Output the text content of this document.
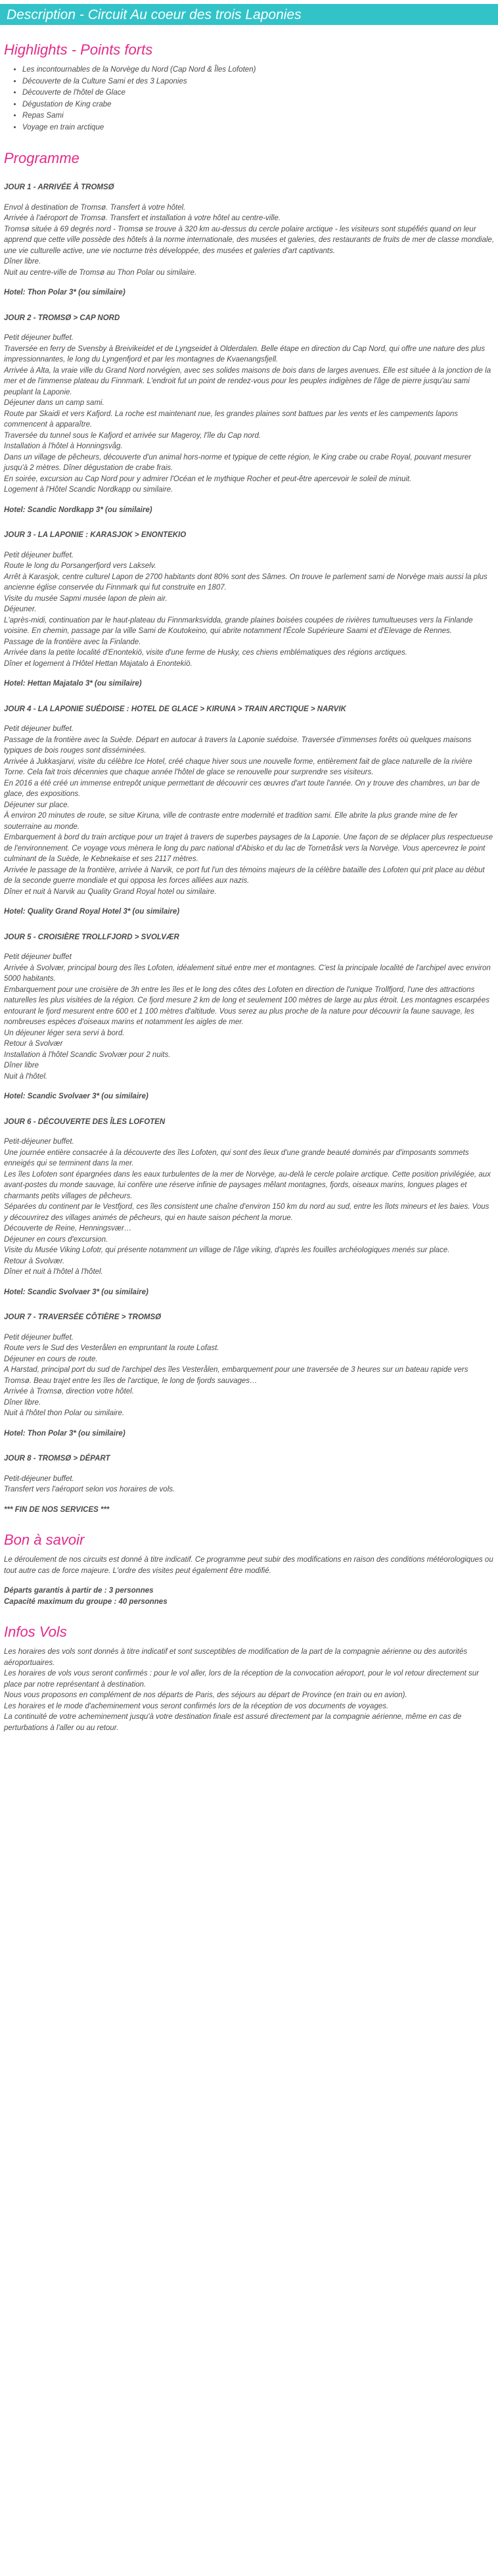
Description - Circuit Au coeur des trois Laponies
Highlights - Points forts
• Les incontournables de la Norvège du Nord (Cap Nord & Îles Lofoten)
• Découverte de la Culture Sami et des 3 Laponies
• Découverte de l'hôtel de Glace
• Dégustation de King crabe
• Repas Sami
• Voyage en train arctique
Programme
JOUR 1 - ARRIVÉE À TROMSØ

Envol à destination de Tromsø. Transfert à votre hôtel.

Arrivée à l'aéroport de Tromsø. Transfert et installation à votre hôtel au centre-ville.

Tromsø située à 69 degrés nord - Tromsø se trouve à 320 km au-dessus du cercle polaire arctique - les visiteurs sont stupéfiés quand on leur apprend que cette ville possède des hôtels à la norme internationale, des musées et galeries, des restaurants de fruits de mer de classe mondiale, une vie culturelle active, une vie nocturne très développée, des musées et galeries d'art captivants.

Dîner libre.

Nuit au centre-ville de Tromsø au Thon Polar ou similaire.

Hotel: Thon Polar 3* (ou similaire)
JOUR 2 - TROMSØ > CAP NORD

Petit déjeuner buffet.

Traversée en ferry de Svensby à Breivikeidet et de Lyngseidet à Olderdalen. Belle étape en direction du Cap Nord, qui offre une nature des plus impressionnantes, le long du Lyngenfjord et par les montagnes de Kvaenangsfjell.

Arrivée à Alta, la vraie ville du Grand Nord norvégien, avec ses solides maisons de bois dans de larges avenues. Elle est située à la jonction de la mer et de l'immense plateau du Finnmark. L'endroit fut un point de rendez-vous pour les peuples indigènes de l'âge de pierre jusqu'au sami peuplant la Laponie.

Déjeuner dans un camp sami.

Route par Skaidi et vers Kafjord. La roche est maintenant nue, les grandes plaines sont battues par les vents et les campements lapons commencent à apparaître.

Traversée du tunnel sous le Kafjord et arrivée sur Mageroy, l'île du Cap nord.

Installation à l'hôtel à Honningsvåg.

Dans un village de pêcheurs, découverte d'un animal hors-norme et typique de cette région, le King crabe ou crabe Royal, pouvant mesurer jusqu'à 2 mètres. Dîner dégustation de crabe frais.

En soirée, excursion au Cap Nord pour y admirer l'Océan et le mythique Rocher et peut-être apercevoir le soleil de minuit.

Logement à l'Hôtel Scandic Nordkapp ou similaire.

Hotel: Scandic Nordkapp 3* (ou similaire)
JOUR 3 - LA LAPONIE : KARASJOK > ENONTEKIO

Petit déjeuner buffet.

Route le long du Porsangerfjord vers Lakselv.

Arrêt à Karasjok, centre culturel Lapon de 2700 habitants dont 80% sont des Sâmes. On trouve le parlement sami de Norvège mais aussi la plus ancienne église conservée du Finnmark qui fut construite en 1807.

Visite du musée Sapmi musée lapon de plein air.

Déjeuner.

L'après-midi, continuation par le haut-plateau du Finnmarksvidda, grande plaines boisées coupées de rivières tumultueuses vers la Finlande voisine. En chemin, passage par la ville Sami de Koutokeino, qui abrite notamment l'École Supérieure Saami et d'Elevage de Rennes.

Passage de la frontière avec la Finlande.

Arrivée dans la petite localité d'Enontekiö, visite d'une ferme de Husky, ces chiens emblématiques des régions arctiques.

Dîner et logement à l'Hôtel Hettan Majatalo à Enontekiö.

Hotel: Hettan Majatalo 3* (ou similaire)
JOUR 4 - LA LAPONIE SUÉDOISE : HOTEL DE GLACE > KIRUNA > TRAIN ARCTIQUE > NARVIK

Petit déjeuner buffet.

Passage de la frontière avec la Suède. Départ en autocar à travers la Laponie suédoise. Traversée d'immenses forêts où quelques maisons typiques de bois rouges sont disséminées.

Arrivée à Jukkasjarvi, visite du célèbre Ice Hotel, créé chaque hiver sous une nouvelle forme, entièrement fait de glace naturelle de la rivière Torne. Cela fait trois décennies que chaque année l'hôtel de glace se renouvelle pour surprendre ses visiteurs.

En 2016 a été créé un immense entrepôt unique permettant de découvrir ces œuvres d'art toute l'année. On y trouve des chambres, un bar de glace, des expositions.

Déjeuner sur place.

À environ 20 minutes de route, se situe Kiruna, ville de contraste entre modernité et tradition sami. Elle abrite la plus grande mine de fer souterraine au monde.

Embarquement à bord du train arctique pour un trajet à travers de superbes paysages de la Laponie. Une façon de se déplacer plus respectueuse de l'environnement. Ce voyage vous mènera le long du parc national d'Abisko et du lac de Tornetråsk vers la Norvège. Vous apercevrez le point culminant de la Suède, le Kebnekaise et ses 2117 mètres.

Arrivée le passage de la frontière, arrivée à Narvik, ce port fut l'un des témoins majeurs de la célèbre bataille des Lofoten qui prit place au début de la seconde guerre mondiale et qui opposa les forces alliées aux nazis.

Dîner et nuit à Narvik au Quality Grand Royal hotel ou similaire.

Hotel: Quality Grand Royal Hotel 3* (ou similaire)
JOUR 5 - CROISIÈRE TROLLFJORD > SVOLVÆR

Petit déjeuner buffet

Arrivée à Svolvær, principal bourg des îles Lofoten, idéalement situé entre mer et montagnes. C'est la principale localité de l'archipel avec environ 5000 habitants.

Embarquement pour une croisière de 3h entre les îles et le long des côtes des Lofoten en direction de l'unique Trollfjord, l'une des attractions naturelles les plus visitées de la région. Ce fjord mesure 2 km de long et seulement 100 mètres de large au plus étroit. Les montagnes escarpées entourant le fjord mesurent entre 600 et 1 100 mètres d'altitude. Vous serez au plus proche de la nature pour découvrir la faune sauvage, les nombreuses espèces d'oiseaux marins et notamment les aigles de mer.

Un déjeuner léger sera servi à bord.

Retour à Svolvær

Installation à l'hôtel Scandic Svolvær pour 2 nuits.

Dîner libre

Nuit à l'hôtel.

Hotel: Scandic Svolvaer 3* (ou similaire)
JOUR 6 - DÉCOUVERTE DES ÎLES LOFOTEN

Petit-déjeuner buffet.

Une journée entière consacrée à la découverte des îles Lofoten, qui sont des lieux d'une grande beauté dominés par d'imposants sommets enneigés qui se terminent dans la mer.

Les îles Lofoten sont épargnées dans les eaux turbulentes de la mer de Norvège, au-delà le cercle polaire arctique. Cette position privilégiée, aux avant-postes du monde sauvage, lui confère une réserve infinie de paysages mêlant montagnes, fjords, oiseaux marins, longues plages et charmants petits villages de pêcheurs.

Séparées du continent par le Vestfjord, ces îles consistent une chaîne d'environ 150 km du nord au sud, entre les îlots mineurs et les baies. Vous y découvrirez des villages animés de pêcheurs, qui en haute saison péchent la morue.

Découverte de Reine, Henningsvær…

Déjeuner en cours d'excursion.

Visite du Musée Viking Lofotr, qui présente notamment un village de l'âge viking, d'après les fouilles archéologiques menés sur place.

Retour à Svolvær.

Dîner et nuit à l'hôtel à l'hôtel.

Hotel: Scandic Svolvaer 3* (ou similaire)
JOUR 7 - TRAVERSÉE CÔTIÈRE > TROMSØ

Petit déjeuner buffet.

Route vers le Sud des Vesterålen en empruntant la route Lofast.

Déjeuner en cours de route.

A Harstad, principal port du sud de l'archipel des îles Vesterålen, embarquement pour une traversée de 3 heures sur un bateau rapide vers Tromsø. Beau trajet entre les îles de l'arctique, le long de fjords sauvages…

Arrivée à Tromsø, direction votre hôtel.

Dîner libre.

Nuit à l'hôtel thon Polar ou similaire.

Hotel: Thon Polar 3* (ou similaire)
JOUR 8 - TROMSØ > DÉPART

Petit-déjeuner buffet.

Transfert vers l'aéroport selon vos horaires de vols.

*** FIN DE NOS SERVICES ***
Bon à savoir

Le déroulement de nos circuits est donné à titre indicatif. Ce programme peut subir des modifications en raison des conditions météorologiques ou tout autre cas de force majeure. L'ordre des visites peut également être modifié.

Départs garantis à partir de : 3 personnes

Capacité maximum du groupe : 40 personnes

Infos Vols

Les horaires des vols sont donnés à titre indicatif et sont susceptibles de modification de la part de la compagnie aérienne ou des autorités aéroportuaires.

Les horaires de vols vous seront confirmés : pour le vol aller, lors de la réception de la convocation aéroport, pour le vol retour directement sur place par notre représentant à destination.

Nous vous proposons en complément de nos départs de Paris, des séjours au départ de Province (en train ou en avion).

Les horaires et le mode d'acheminement vous seront confirmés lors de la réception de vos documents de voyages.

La continuité de votre acheminement jusqu'à votre destination finale est assuré directement par la compagnie aérienne, même en cas de perturbations à l'aller ou au retour.
